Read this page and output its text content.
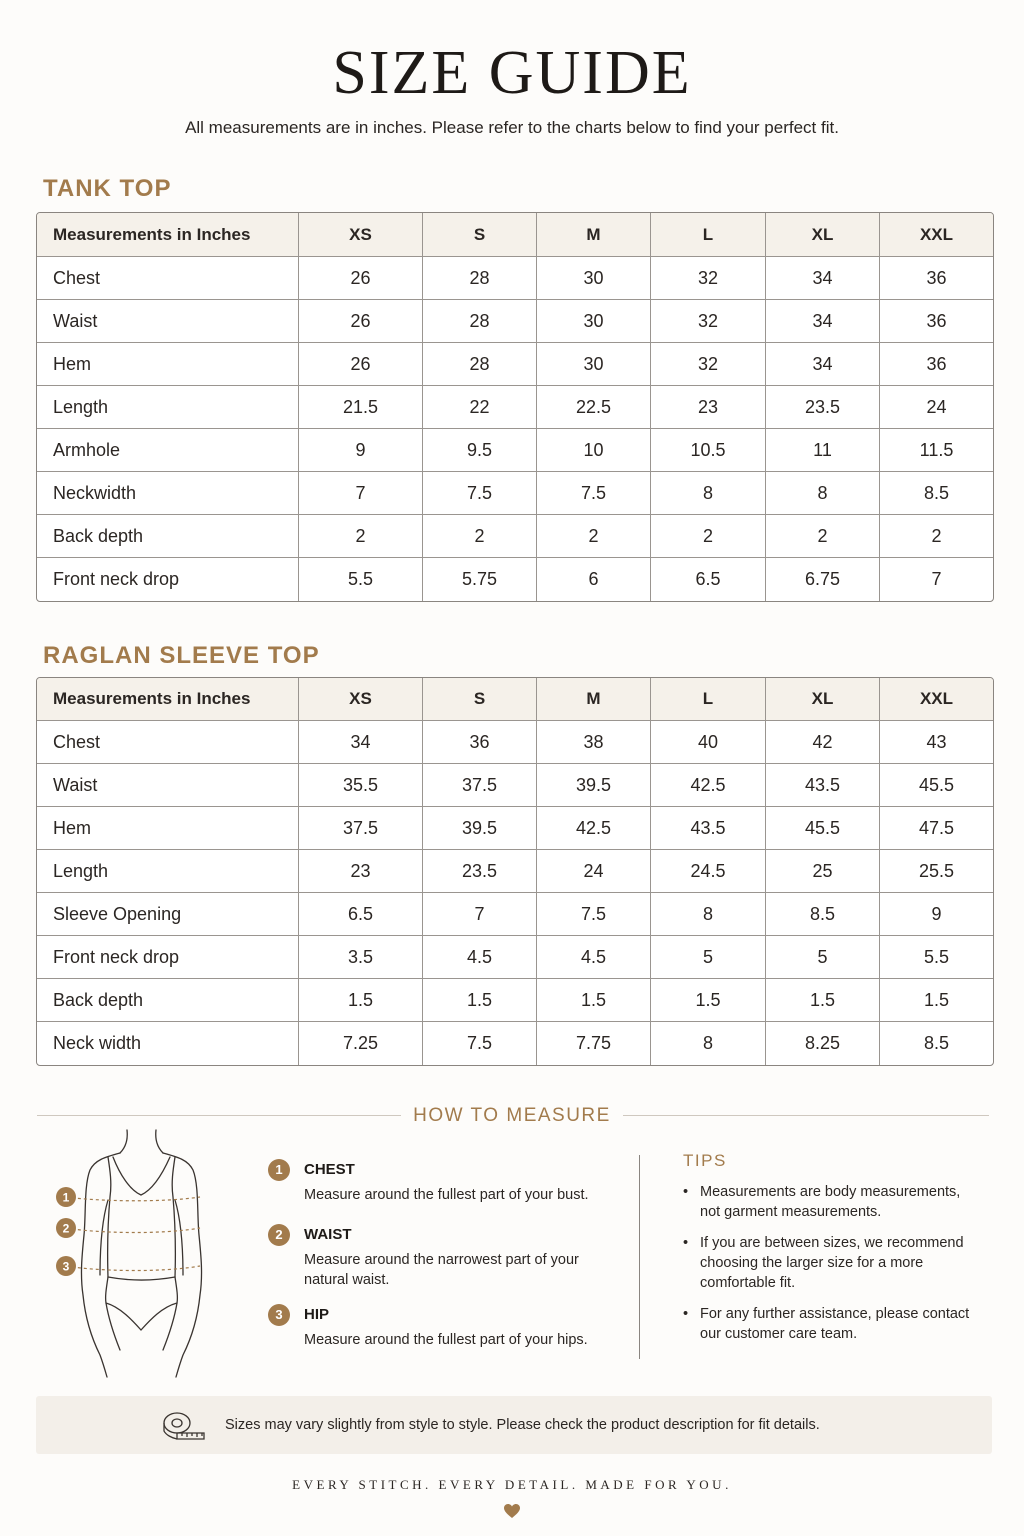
SIZE GUIDE
All measurements are in inches. Please refer to the charts below to find your perfect fit.
TANK TOP
Measurements in Inches	XS	S	M	L	XL	XXL
Chest	26	28	30	32	34	36
Waist	26	28	30	32	34	36
Hem	26	28	30	32	34	36
Length	21.5	22	22.5	23	23.5	24
Armhole	9	9.5	10	10.5	11	11.5
Neckwidth	7	7.5	7.5	8	8	8.5
Back depth	2	2	2	2	2	2
Front neck drop	5.5	5.75	6	6.5	6.75	7
RAGLAN SLEEVE TOP
Measurements in Inches	XS	S	M	L	XL	XXL
Chest	34	36	38	40	42	43
Waist	35.5	37.5	39.5	42.5	43.5	45.5
Hem	37.5	39.5	42.5	43.5	45.5	47.5
Length	23	23.5	24	24.5	25	25.5
Sleeve Opening	6.5	7	7.5	8	8.5	9
Front neck drop	3.5	4.5	4.5	5	5	5.5
Back depth	1.5	1.5	1.5	1.5	1.5	1.5
Neck width	7.25	7.5	7.75	8	8.25	8.5
HOW TO MEASURE
1
2
3
1	CHEST
Measure around the fullest part of your bust.
2	WAIST
Measure around the narrowest part of your natural waist.
3	HIP
Measure around the fullest part of your hips.
TIPS
• Measurements are body measurements, not garment measurements.
• If you are between sizes, we recommend choosing the larger size for a more comfortable fit.
• For any further assistance, please contact our customer care team.
Sizes may vary slightly from style to style. Please check the product description for fit details.
EVERY STITCH. EVERY DETAIL. MADE FOR YOU.
